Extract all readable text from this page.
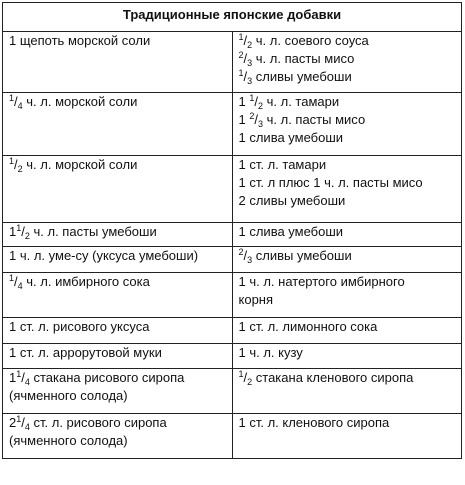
Традиционные японские добавки	

1 щепоть морской соли	$^1/_2$ ч. л. соевого соуса
$^2/_3$ ч. л. пасты мисо
$^1/_3$ сливы умебоши

$^1/_4$ ч. л. морской соли	1 $^1/_2$ ч. л. тамари
1 $^2/_3$ ч. л. пасты мисо
1 слива умебоши

$^1/_2$ ч. л. морской соли	1 ст. л. тамари
1 ст. л плюс 1 ч. л. пасты мисо
2 сливы умебоши

$1^1/_2$ ч. л. пасты умебоши	1 слива умебоши

1 ч. л. уме-су (уксуса умебоши)	$^2/_3$ сливы умебоши

$^1/_4$ ч. л. имбирного сока	1 ч. л. натертого имбирного
корня

1 ст. л. рисового уксуса	1 ст. л. лимонного сока

1 ст. л. аррорутовой муки	1 ч. л. кузу

$1^1/_4$ стакана рисового сиропа
(ячменного солода)	$^1/_2$ стакана кленового сиропа

$2^1/_4$ ст. л. рисового сиропа
(ячменного солода)	1 ст. л. кленового сиропа
